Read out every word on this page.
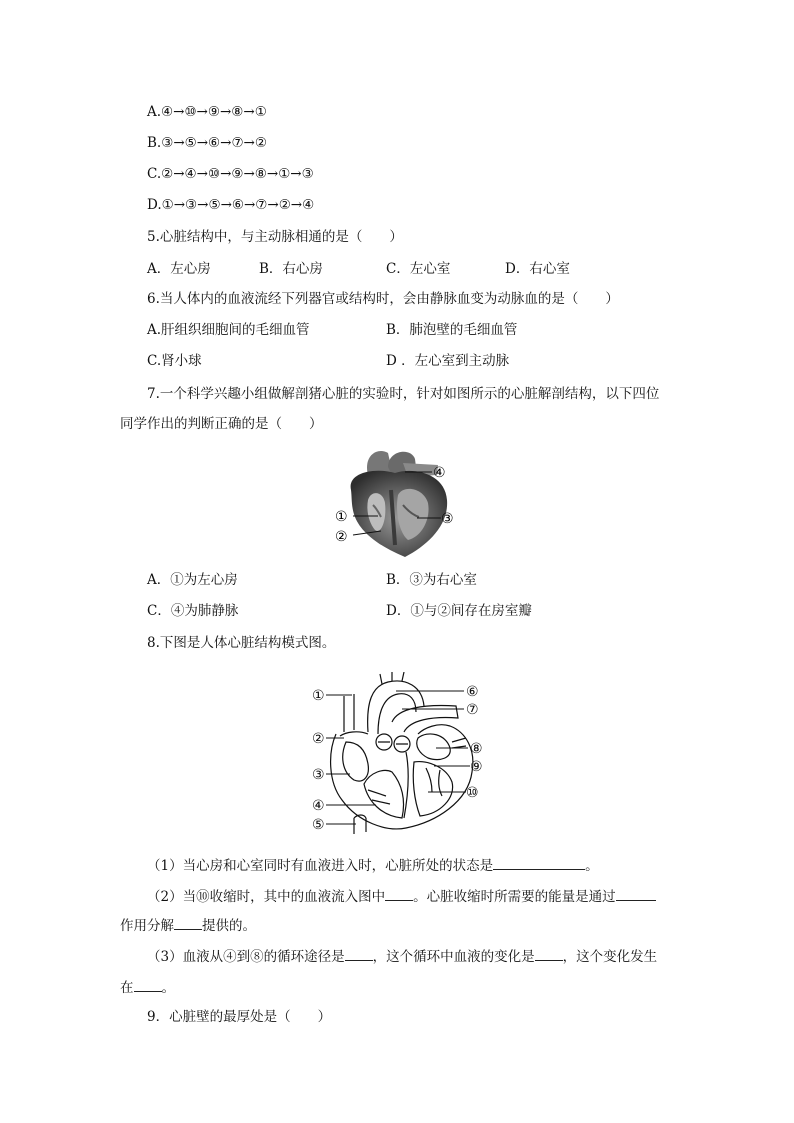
A.④→⑩→⑨→⑧→①
B.③→⑤→⑥→⑦→②
C.②→④→⑩→⑨→⑧→①→③
D.①→③→⑤→⑥→⑦→②→④
5.心脏结构中，与主动脉相通的是（　　）
A．左心房	B．右心房	C．左心室	D．右心室
6.当人体内的血液流经下列器官或结构时，会由静脉血变为动脉血的是（　　）
A.肝组织细胞间的毛细血管	B．肺泡壁的毛细血管
C.肾小球	D ．左心室到主动脉
7.一个科学兴趣小组做解剖猪心脏的实验时，针对如图所示的心脏解剖结构，以下四位
同学作出的判断正确的是（　　）
④
①	③
②
A．①为左心房	B．③为右心室
C．④为肺静脉	D．①与②间存在房室瓣
8.下图是人体心脏结构模式图。
①
②
③
④
⑤
⑥
⑦
⑧
⑨
⑩
（1）当心房和心室同时有血液进入时，心脏所处的状态是	。
（2）当⑩收缩时，其中的血液流入图中 。心脏收缩时所需要的能量是通过
作用分解 提供的。
（3）血液从④到⑧的循环途径是 ，这个循环中血液的变化是 ，这个变化发生
在 。
9．心脏壁的最厚处是（　　）
